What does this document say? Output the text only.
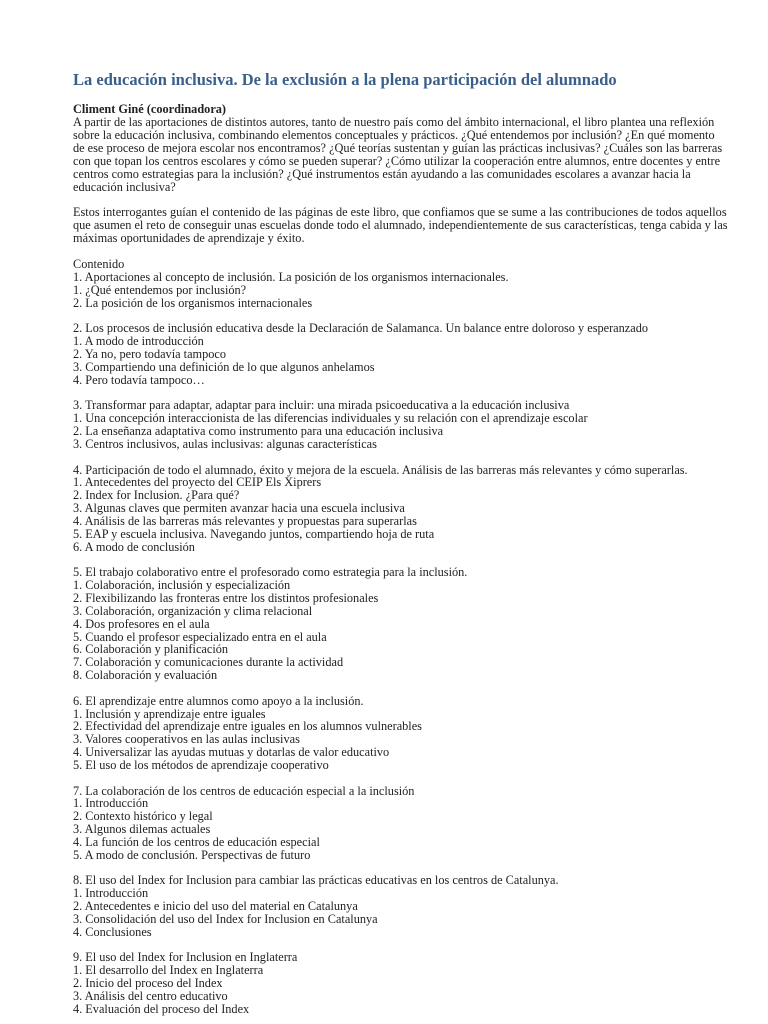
La educación inclusiva. De la exclusión a la plena participación del alumnado

Climent Giné (coordinadora)

A partir de las aportaciones de distintos autores, tanto de nuestro país como del ámbito internacional, el libro plantea una reflexión sobre la educación inclusiva, combinando elementos conceptuales y prácticos. ¿Qué entendemos por inclusión? ¿En qué momento de ese proceso de mejora escolar nos encontramos? ¿Qué teorías sustentan y guían las prácticas inclusivas? ¿Cuáles son las barreras con que topan los centros escolares y cómo se pueden superar? ¿Cómo utilizar la cooperación entre alumnos, entre docentes y entre centros como estrategias para la inclusión? ¿Qué instrumentos están ayudando a las comunidades escolares a avanzar hacia la educación inclusiva?

Estos interrogantes guían el contenido de las páginas de este libro, que confiamos que se sume a las contribuciones de todos aquellos que asumen el reto de conseguir unas escuelas donde todo el alumnado, independientemente de sus características, tenga cabida y las máximas oportunidades de aprendizaje y éxito.

Contenido

1. Aportaciones al concepto de inclusión. La posición de los organismos internacionales.
1. ¿Qué entendemos por inclusión?
2. La posición de los organismos internacionales
2. Los procesos de inclusión educativa desde la Declaración de Salamanca. Un balance entre doloroso y esperanzado
1. A modo de introducción
2. Ya no, pero todavía tampoco
3. Compartiendo una definición de lo que algunos anhelamos
4. Pero todavía tampoco…
3. Transformar para adaptar, adaptar para incluir: una mirada psicoeducativa a la educación inclusiva
1. Una concepción interaccionista de las diferencias individuales y su relación con el aprendizaje escolar
2. La enseñanza adaptativa como instrumento para una educación inclusiva
3. Centros inclusivos, aulas inclusivas: algunas características
4. Participación de todo el alumnado, éxito y mejora de la escuela. Análisis de las barreras más relevantes y cómo superarlas.
1. Antecedentes del proyecto del CEIP Els Xiprers
2. Index for Inclusion. ¿Para qué?
3. Algunas claves que permiten avanzar hacia una escuela inclusiva
4. Análisis de las barreras más relevantes y propuestas para superarlas
5. EAP y escuela inclusiva. Navegando juntos, compartiendo hoja de ruta
6. A modo de conclusión
5. El trabajo colaborativo entre el profesorado como estrategia para la inclusión.
1. Colaboración, inclusión y especialización
2. Flexibilizando las fronteras entre los distintos profesionales
3. Colaboración, organización y clima relacional
4. Dos profesores en el aula
5. Cuando el profesor especializado entra en el aula
6. Colaboración y planificación
7. Colaboración y comunicaciones durante la actividad
8. Colaboración y evaluación
6. El aprendizaje entre alumnos como apoyo a la inclusión.
1. Inclusión y aprendizaje entre iguales
2. Efectividad del aprendizaje entre iguales en los alumnos vulnerables
3. Valores cooperativos en las aulas inclusivas
4. Universalizar las ayudas mutuas y dotarlas de valor educativo
5. El uso de los métodos de aprendizaje cooperativo
7. La colaboración de los centros de educación especial a la inclusión
1. Introducción
2. Contexto histórico y legal
3. Algunos dilemas actuales
4. La función de los centros de educación especial
5. A modo de conclusión. Perspectivas de futuro
8. El uso del Index for Inclusion para cambiar las prácticas educativas en los centros de Catalunya.
1. Introducción
2. Antecedentes e inicio del uso del material en Catalunya
3. Consolidación del uso del Index for Inclusion en Catalunya
4. Conclusiones
9. El uso del Index for Inclusion en Inglaterra
1. El desarrollo del Index en Inglaterra
2. Inicio del proceso del Index
3. Análisis del centro educativo
4. Evaluación del proceso del Index
